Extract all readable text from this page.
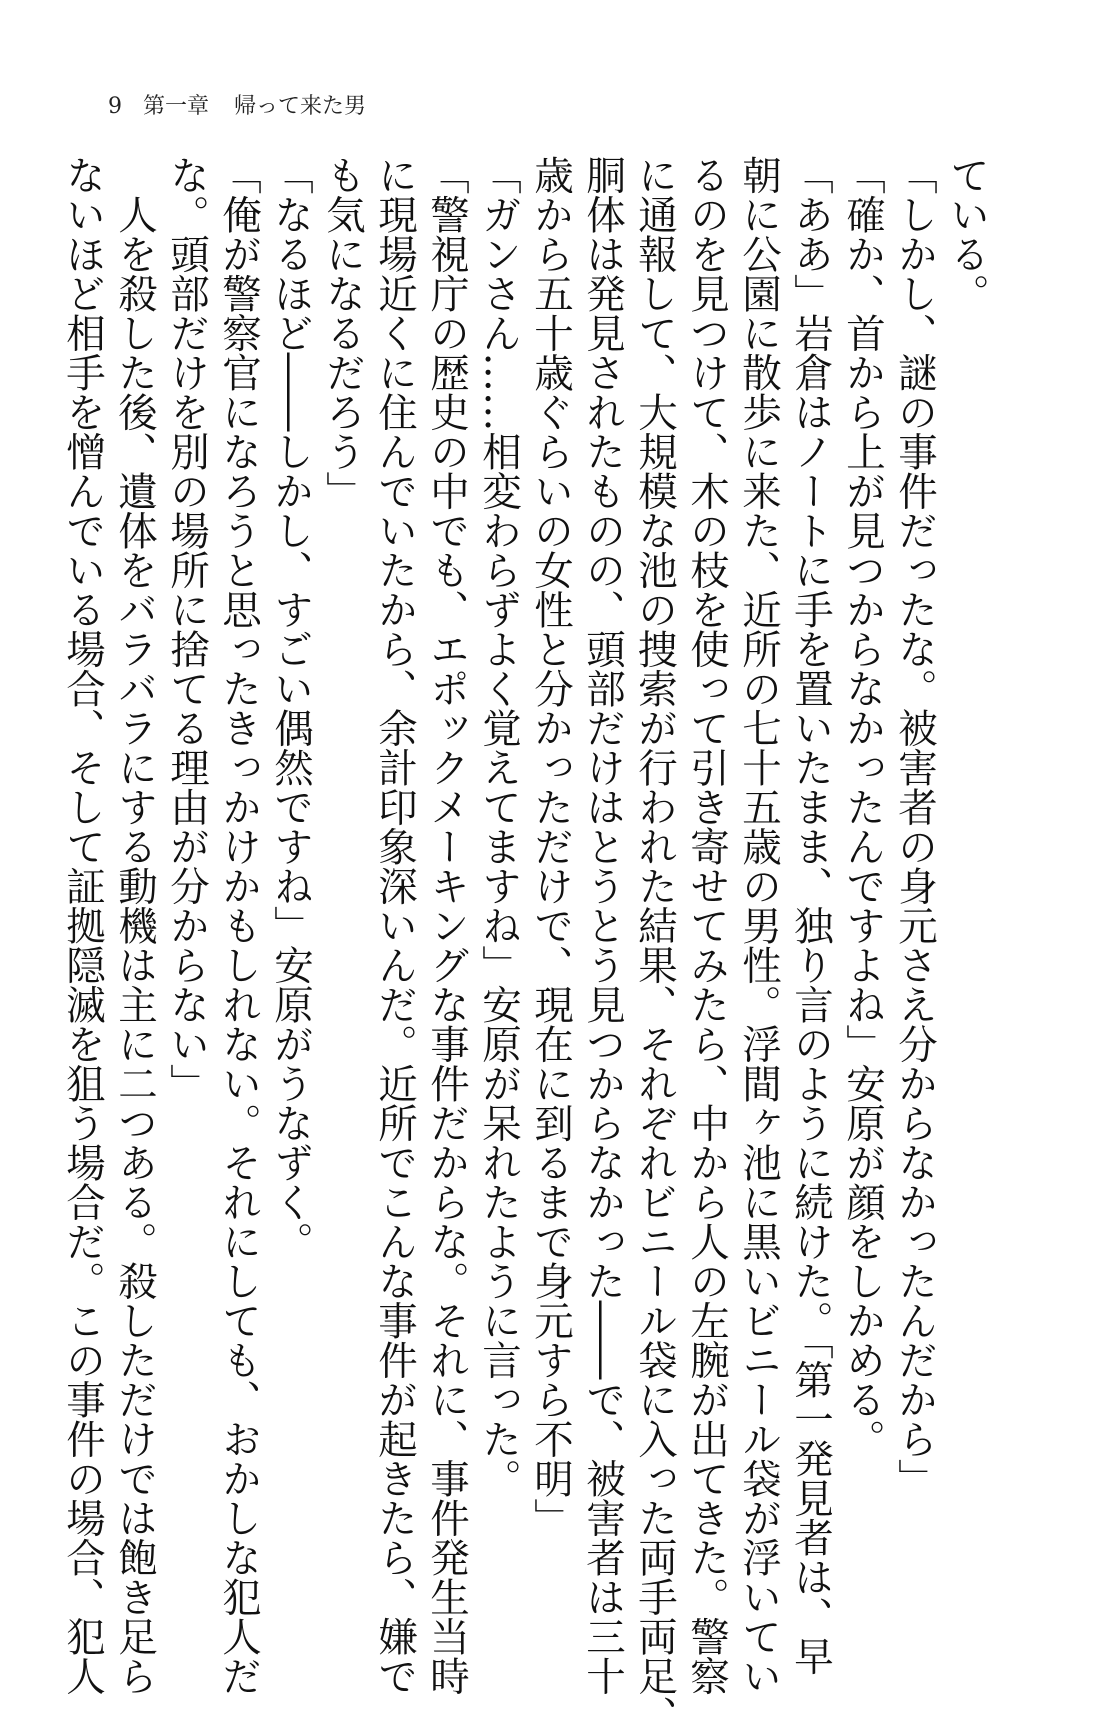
9 第一章 帰って来た男
ている。
「しかし、謎の事件だったな。被害者の身元さえ分からなかったんだから」
「確か、首から上が見つからなかったんですよね」安原が顔をしかめる。
「ああ」岩倉はノートに手を置いたまま、独り言のように続けた。「第一発見者は、早
朝に公園に散歩に来た、近所の七十五歳の男性。浮間ヶ池に黒いビニール袋が浮いてい
るのを見つけて、木の枝を使って引き寄せてみたら、中から人の左腕が出てきた。警察
に通報して、大規模な池の捜索が行われた結果、それぞれビニール袋に入った両手両足、
胴体は発見されたものの、頭部だけはとうとう見つからなかった――で、被害者は三十
歳から五十歳ぐらいの女性と分かっただけで、現在に到るまで身元すら不明」
「ガンさん……相変わらずよく覚えてますね」安原が呆れたように言った。
「警視庁の歴史の中でも、エポックメーキングな事件だからな。それに、事件発生当時
に現場近くに住んでいたから、余計印象深いんだ。近所でこんな事件が起きたら、嫌で
も気になるだろう」
「なるほど――しかし、すごい偶然ですね」安原がうなずく。
「俺が警察官になろうと思ったきっかけかもしれない。それにしても、おかしな犯人だ
な。頭部だけを別の場所に捨てる理由が分からない」
　人を殺した後、遺体をバラバラにする動機は主に二つある。殺しただけでは飽き足ら
ないほど相手を憎んでいる場合、そして証拠隠滅を狙う場合だ。この事件の場合、犯人
